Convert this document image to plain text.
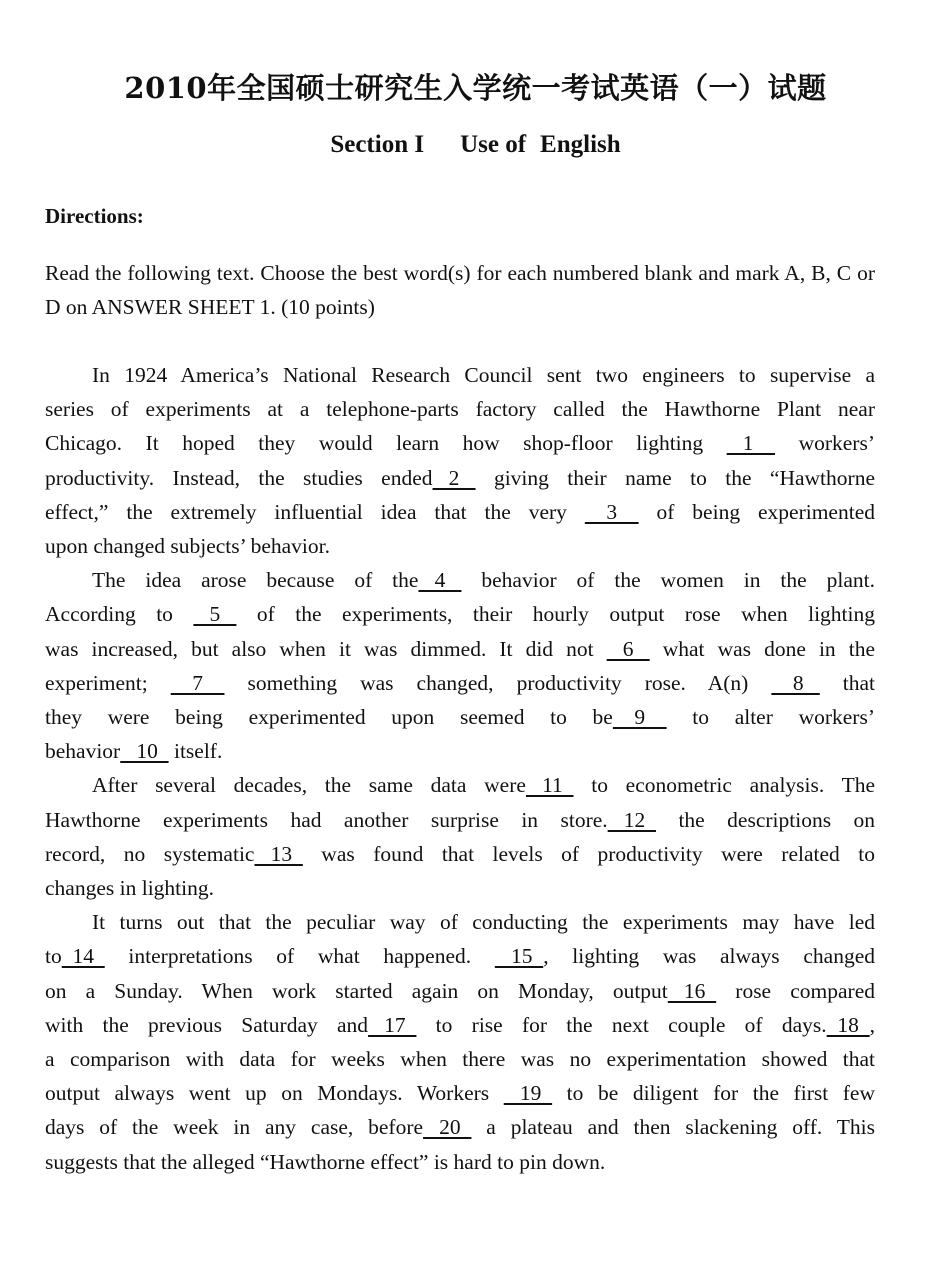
2010年全国硕士研究生入学统一考试英语（一）试题
Section I Use of English
Directions:
Read the following text. Choose the best word(s) for each numbered blank and mark A, B, C or D on ANSWER SHEET 1. (10 points)
In 1924 America’s National Research Council sent two engineers to supervise a
series of experiments at a telephone-parts factory called the Hawthorne Plant near
Chicago. It hoped they would learn how shop-floor lighting    1     workers’
productivity. Instead, the studies ended   2    giving their name to the “Hawthorne
effect,” the extremely influential idea that the very     3     of being experimented
upon changed subjects’ behavior.
The idea arose because of the   4    behavior of the women in the plant.
According to    5    of the experiments, their hourly output rose when lighting
was increased, but also when it was dimmed. It did not    6    what was done in the
experiment;     7     something was changed, productivity rose. A(n)     8    that
they were being experimented upon seemed to be    9     to alter workers’
behavior   10   itself.
After several decades, the same data were   11   to econometric analysis. The
Hawthorne experiments had another surprise in store.   12   the descriptions on
record, no systematic   13   was found that levels of productivity were related to
changes in lighting.
It turns out that the peculiar way of conducting the experiments may have led
to  14   interpretations of what happened.    15  , lighting was always changed
on a Sunday. When work started again on Monday, output   16   rose compared
with the previous Saturday and   17   to rise for the next couple of days.  18  ,
a comparison with data for weeks when there was no experimentation showed that
output always went up on Mondays. Workers    19   to be diligent for the first few
days of the week in any case, before   20   a plateau and then slackening off. This
suggests that the alleged “Hawthorne effect” is hard to pin down.
